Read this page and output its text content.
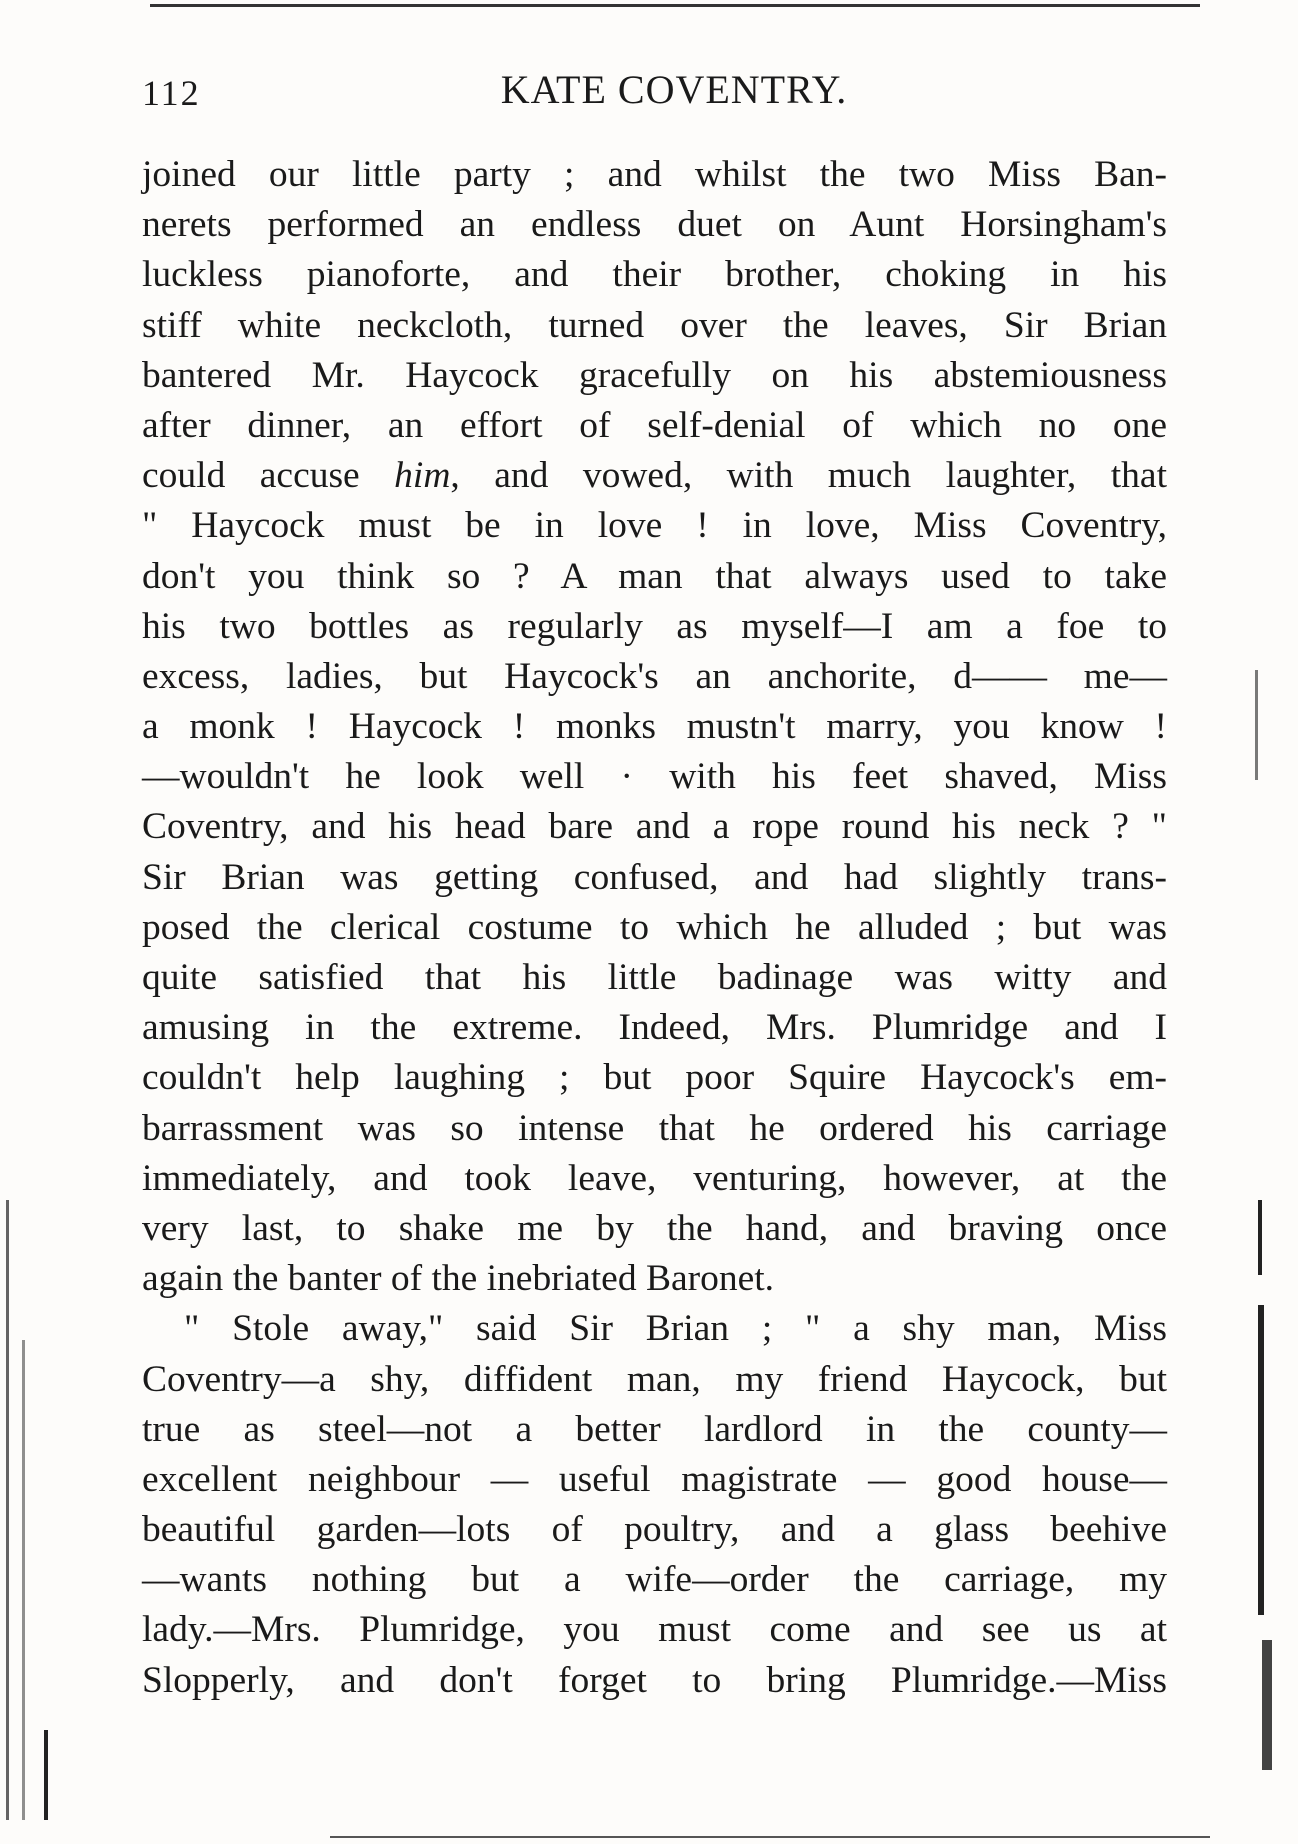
112	KATE COVENTRY.
joined our little party ; and whilst the two Miss Ban-
nerets performed an endless duet on Aunt Horsingham's
luckless pianoforte, and their brother, choking in his
stiff white neckcloth, turned over the leaves, Sir Brian
bantered Mr. Haycock gracefully on his abstemiousness
after dinner, an effort of self-denial of which no one
could accuse him, and vowed, with much laughter, that
" Haycock must be in love ! in love, Miss Coventry,
don't you think so ? A man that always used to take
his two bottles as regularly as myself—I am a foe to
excess, ladies, but Haycock's an anchorite, d—— me—
a monk ! Haycock ! monks mustn't marry, you know !
—wouldn't he look well · with his feet shaved, Miss
Coventry, and his head bare and a rope round his neck ? "
Sir Brian was getting confused, and had slightly trans-
posed the clerical costume to which he alluded ; but was
quite satisfied that his little badinage was witty and
amusing in the extreme. Indeed, Mrs. Plumridge and I
couldn't help laughing ; but poor Squire Haycock's em-
barrassment was so intense that he ordered his carriage
immediately, and took leave, venturing, however, at the
very last, to shake me by the hand, and braving once
again the banter of the inebriated Baronet.
" Stole away," said Sir Brian ; " a shy man, Miss
Coventry—a shy, diffident man, my friend Haycock, but
true as steel—not a better lardlord in the county—
excellent neighbour — useful magistrate — good house—
beautiful garden—lots of poultry, and a glass beehive
—wants nothing but a wife—order the carriage, my
lady.—Mrs. Plumridge, you must come and see us at
Slopperly, and don't forget to bring Plumridge.—Miss
